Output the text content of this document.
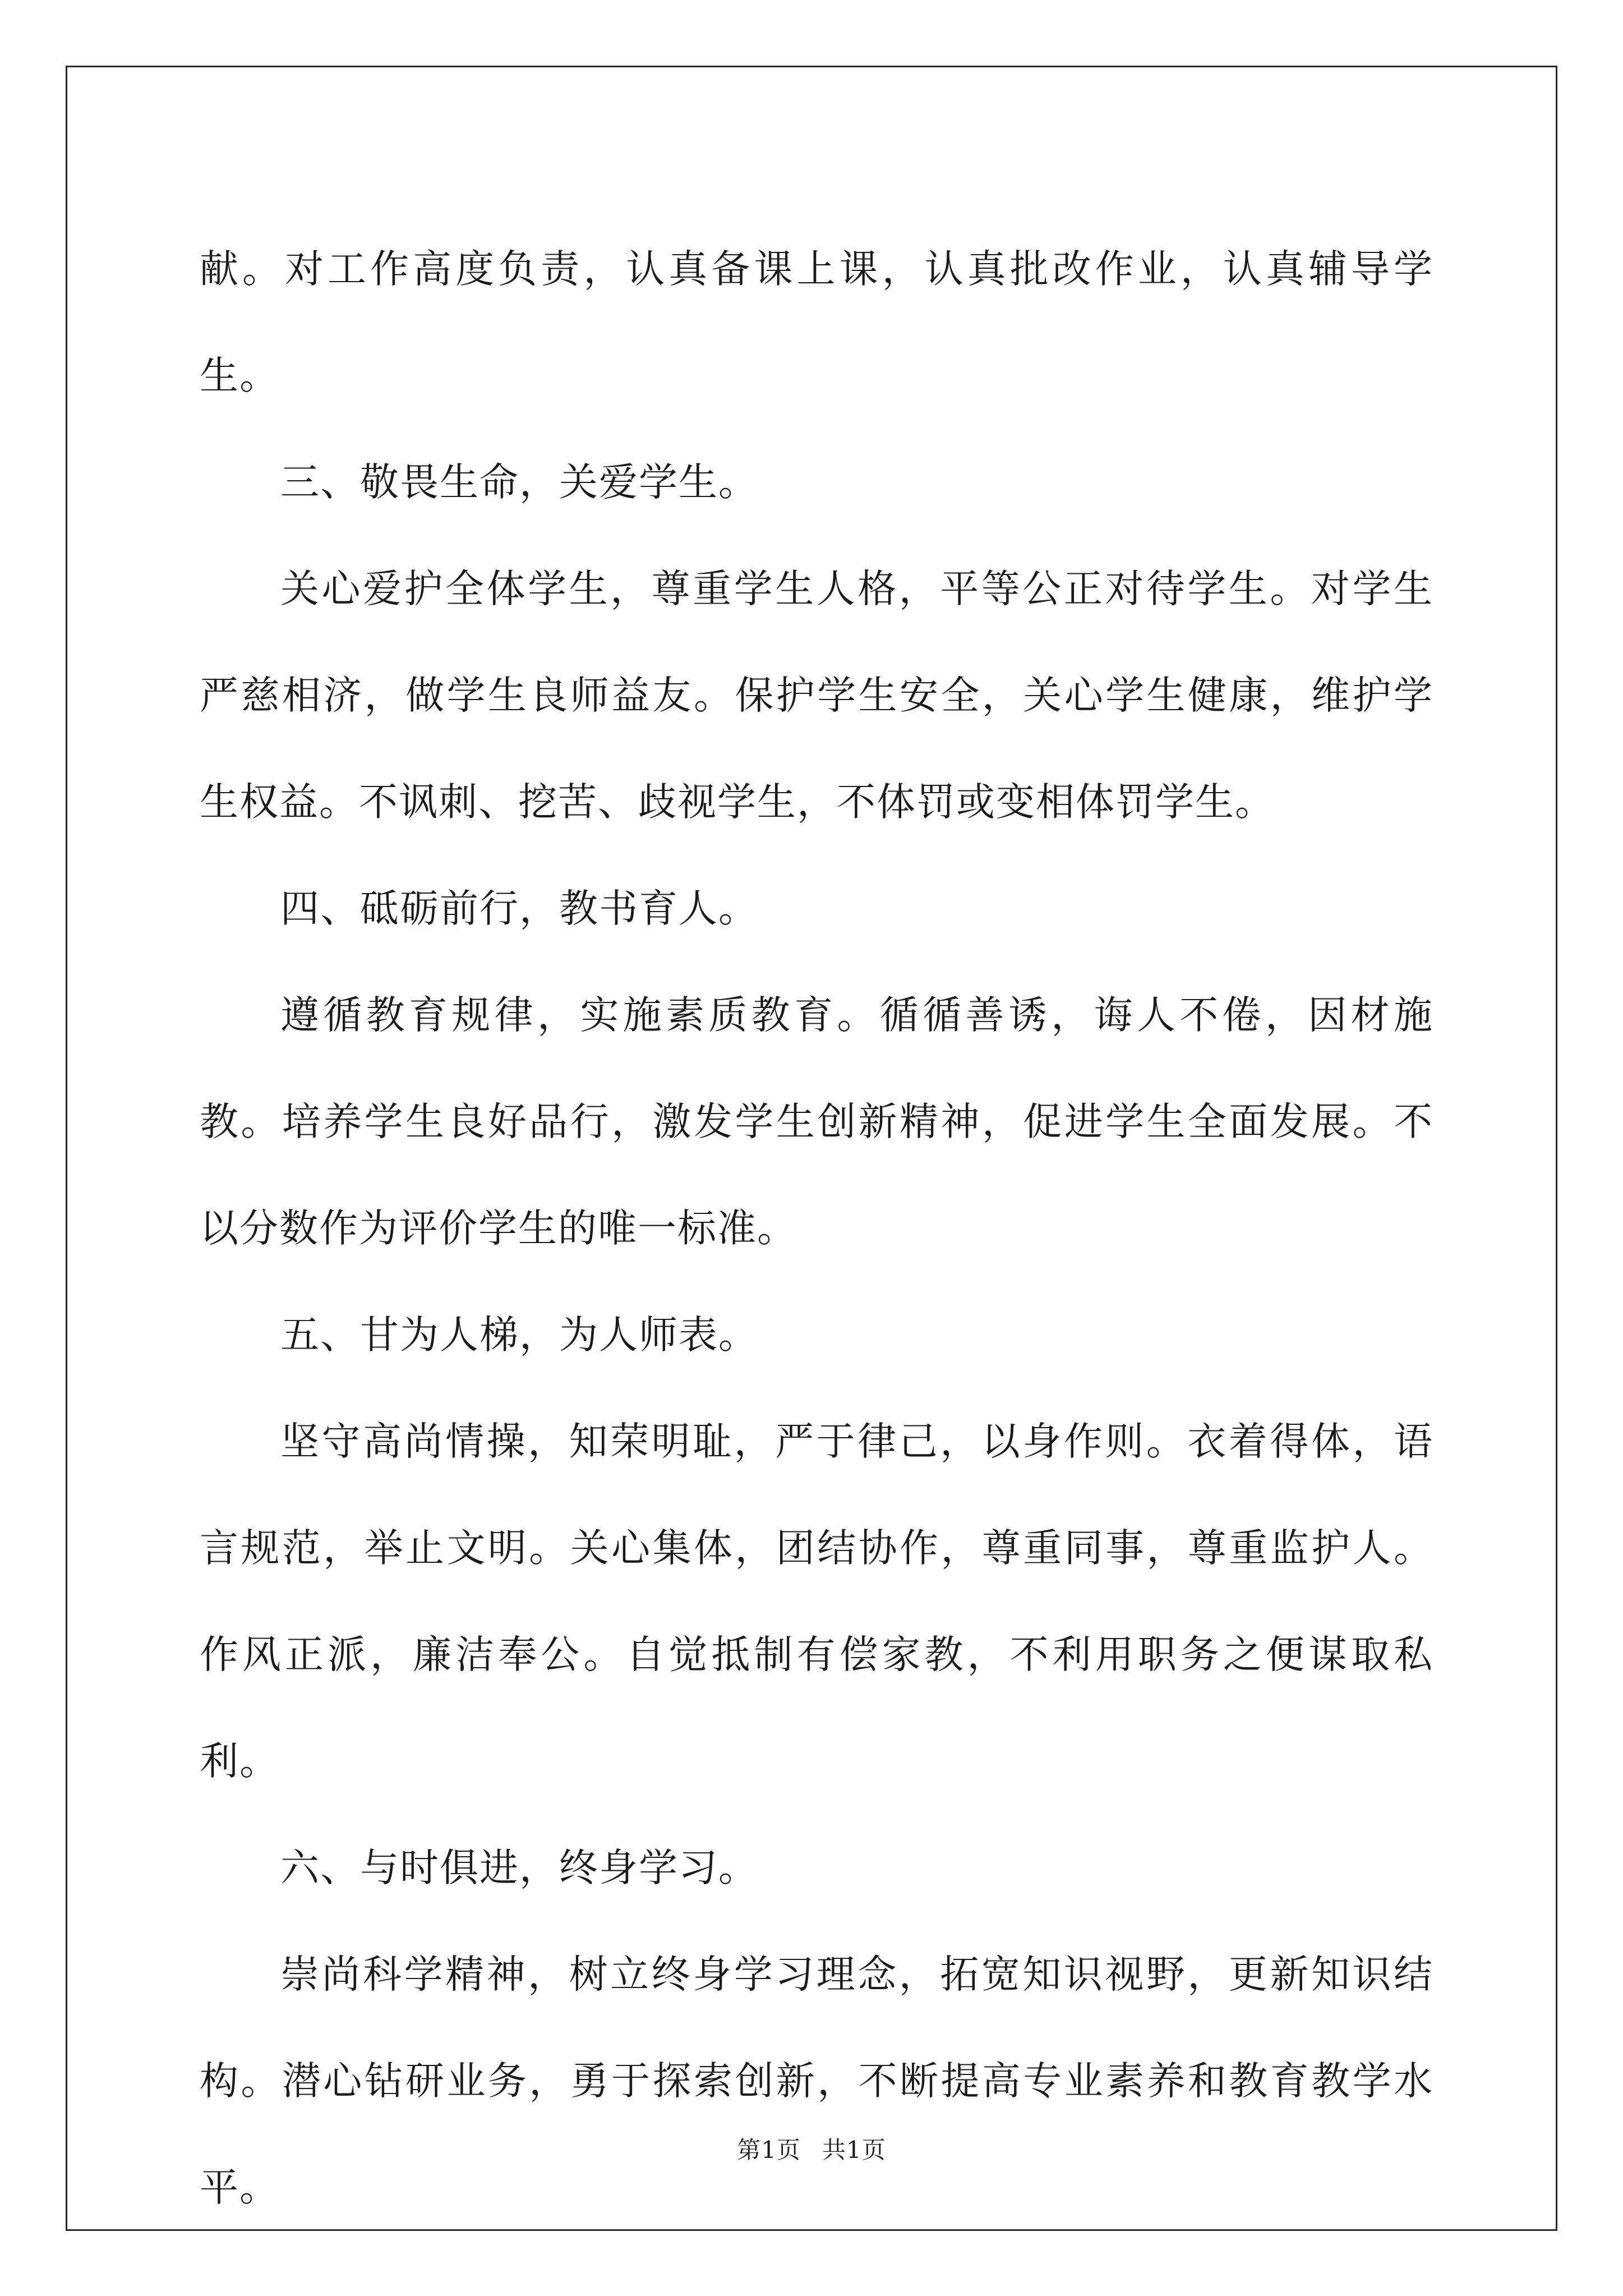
献。对工作高度负责，认真备课上课，认真批改作业，认真辅导学生。

三、敬畏生命，关爱学生。

关心爱护全体学生，尊重学生人格，平等公正对待学生。对学生严慈相济，做学生良师益友。保护学生安全，关心学生健康，维护学生权益。不讽刺、挖苦、歧视学生，不体罚或变相体罚学生。

四、砥砺前行，教书育人。

遵循教育规律，实施素质教育。循循善诱，诲人不倦，因材施教。培养学生良好品行，激发学生创新精神，促进学生全面发展。不以分数作为评价学生的唯一标准。

五、甘为人梯，为人师表。

坚守高尚情操，知荣明耻，严于律己，以身作则。衣着得体，语言规范，举止文明。关心集体，团结协作，尊重同事，尊重监护人。作风正派，廉洁奉公。自觉抵制有偿家教，不利用职务之便谋取私利。

六、与时俱进，终身学习。

崇尚科学精神，树立终身学习理念，拓宽知识视野，更新知识结构。潜心钻研业务，勇于探索创新，不断提高专业素养和教育教学水平。

第1页 共1页
